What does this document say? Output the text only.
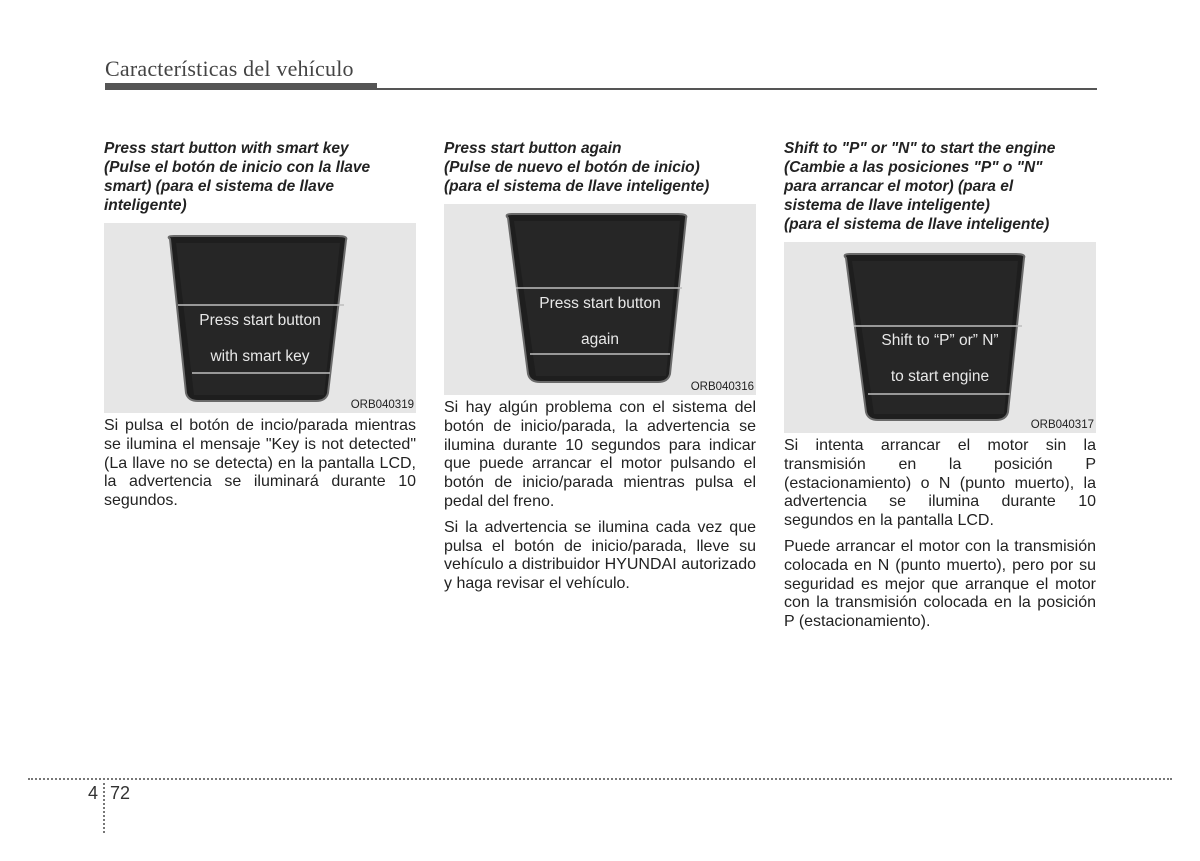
Características del vehículo
Press start button with smart key
(Pulse el botón de inicio con la llave
smart) (para el sistema de llave
inteligente)
Press start button
with smart key
ORB040319

Si pulsa el botón de incio/parada mientras se ilumina el mensaje "Key is not detected" (La llave no se detecta) en la pantalla LCD, la advertencia se iluminará durante 10 segundos.

Press start button again
(Pulse de nuevo el botón de inicio)
(para el sistema de llave inteligente)
Press start button
again
ORB040316

Si hay algún problema con el sistema del botón de inicio/parada, la advertencia se ilumina durante 10 segundos para indicar que puede arrancar el motor pulsando el botón de inicio/parada mientras pulsa el pedal del freno.

Si la advertencia se ilumina cada vez que pulsa el botón de inicio/parada, lleve su vehículo a distribuidor HYUNDAI autorizado y haga revisar el vehículo.

Shift to "P" or "N" to start the engine
(Cambie a las posiciones "P" o "N"
para arrancar el motor) (para el
sistema de llave inteligente)
(para el sistema de llave inteligente)
Shift to “P” or” N”
to start engine
ORB040317

Si intenta arrancar el motor sin la transmisión en la posición P (estacionamiento) o N (punto muerto), la advertencia se ilumina durante 10 segundos en la pantalla LCD.

Puede arrancar el motor con la transmisión colocada en N (punto muerto), pero por su seguridad es mejor que arranque el motor con la transmisión colocada en la posición P (estacionamiento).

4 72
